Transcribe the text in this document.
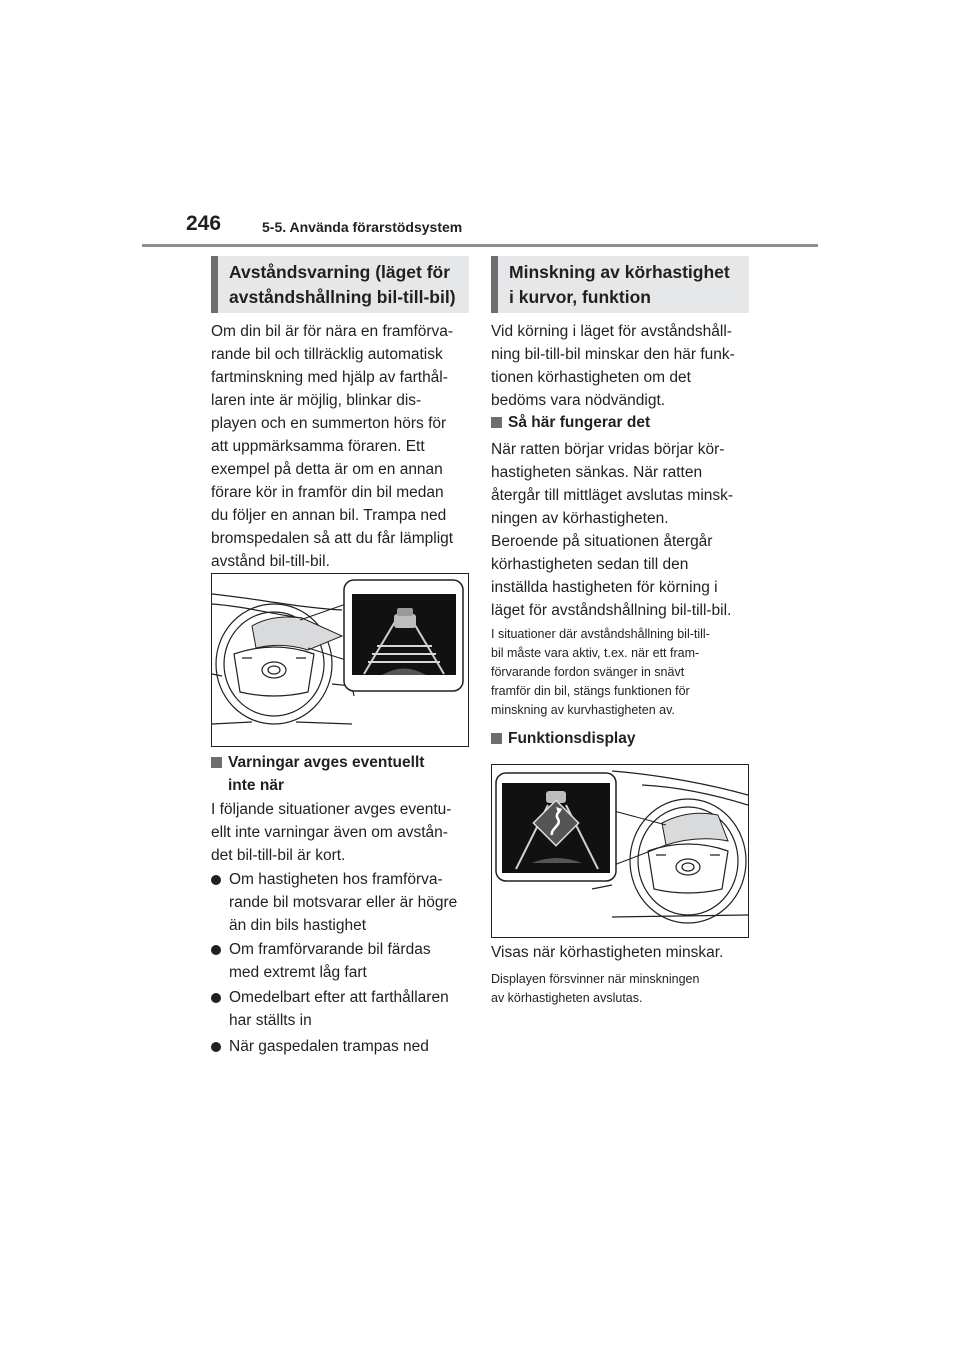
246	5-5. Använda förarstödsystem
Avståndsvarning (läget för
avståndshållning bil-till-bil)
Om din bil är för nära en framförva-
rande bil och tillräcklig automatisk
fartminskning med hjälp av farthål-
laren inte är möjlig, blinkar dis-
playen och en summerton hörs för
att uppmärksamma föraren. Ett
exempel på detta är om en annan
förare kör in framför din bil medan
du följer en annan bil. Trampa ned
bromspedalen så att du får lämpligt
avstånd bil-till-bil.
Varningar avges eventuellt
inte när
I följande situationer avges eventu-
ellt inte varningar även om avstån-
det bil-till-bil är kort.
Om hastigheten hos framförva-
rande bil motsvarar eller är högre
än din bils hastighet
Om framförvarande bil färdas
med extremt låg fart
Omedelbart efter att farthållaren
har ställts in
När gaspedalen trampas ned
Minskning av körhastighet
i kurvor, funktion
Vid körning i läget för avståndshåll-
ning bil-till-bil minskar den här funk-
tionen körhastigheten om det
bedöms vara nödvändigt.
Så här fungerar det
När ratten börjar vridas börjar kör-
hastigheten sänkas. När ratten
återgår till mittläget avslutas minsk-
ningen av körhastigheten.
Beroende på situationen återgår
körhastigheten sedan till den
inställda hastigheten för körning i
läget för avståndshållning bil-till-bil.
I situationer där avståndshållning bil-till-
bil måste vara aktiv, t.ex. när ett fram-
förvarande fordon svänger in snävt
framför din bil, stängs funktionen för
minskning av kurvhastigheten av.
Funktionsdisplay
Visas när körhastigheten minskar.
Displayen försvinner när minskningen
av körhastigheten avslutas.
